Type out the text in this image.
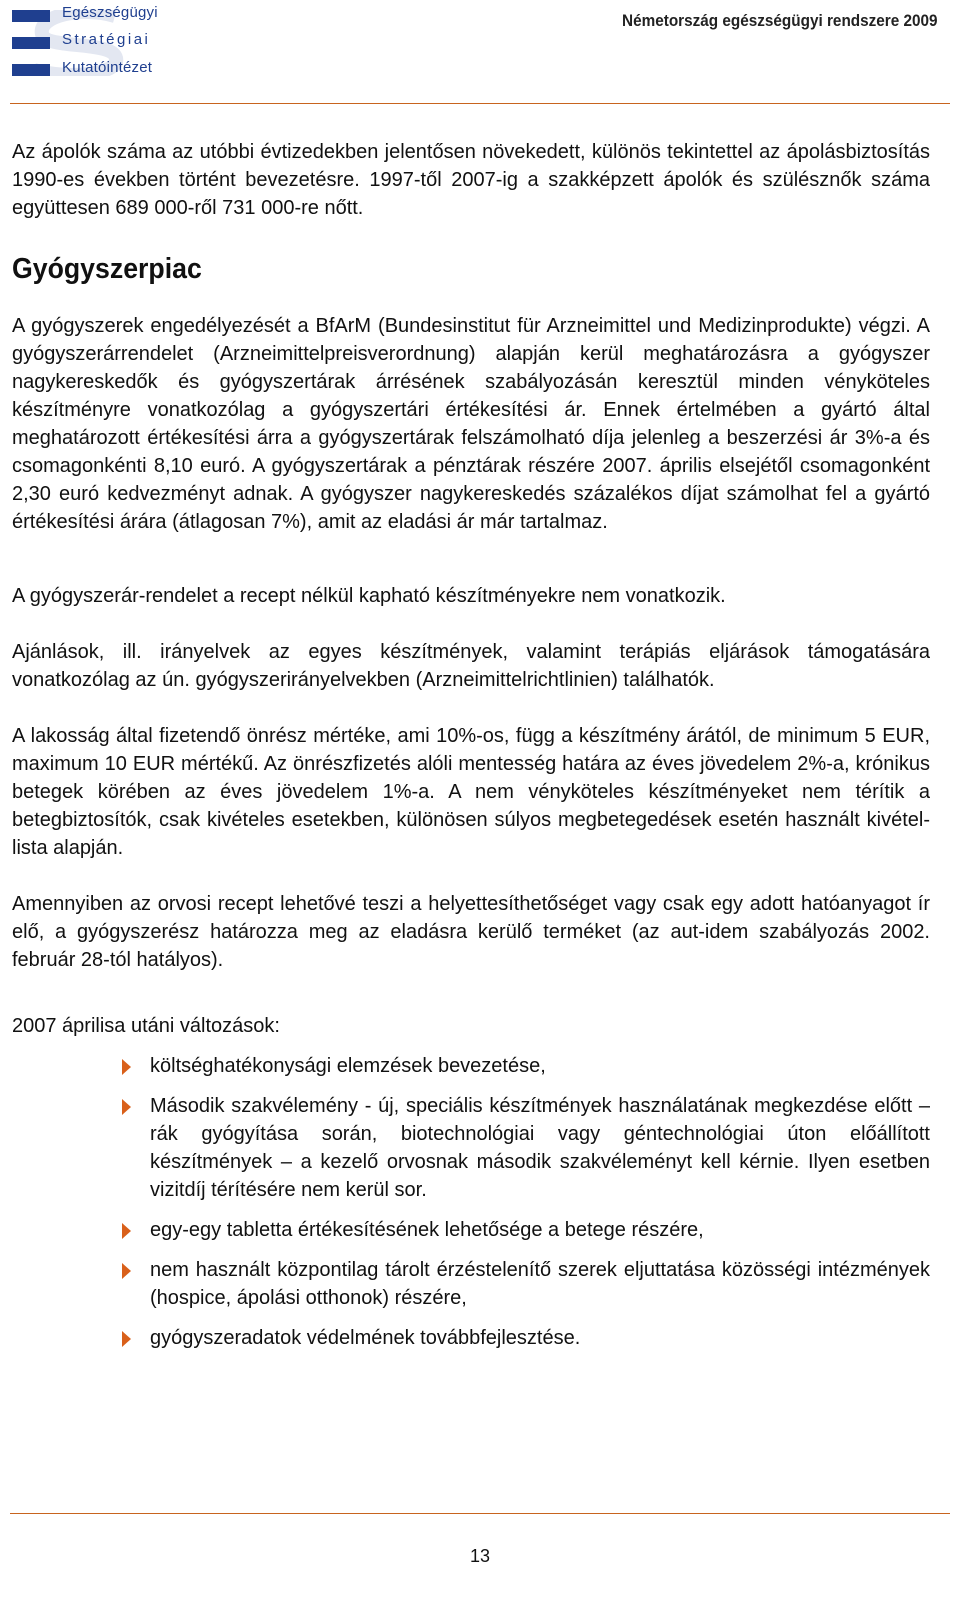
Egészségügyi
Stratégiai
Kutatóintézet
Németország egészségügyi rendszere 2009

Az ápolók száma az utóbbi évtizedekben jelentősen növekedett, különös tekintettel az ápolásbiztosítás 1990-es években történt bevezetésre. 1997-től 2007-ig a szakképzett ápolók és szülésznők száma együttesen 689 000-ről 731 000-re nőtt.

Gyógyszerpiac

A gyógyszerek engedélyezését a BfArM (Bundesinstitut für Arzneimittel und Medizinprodukte) végzi. A gyógyszerárrendelet (Arzneimittelpreisverordnung) alapján kerül meghatározásra a gyógyszer nagykereskedők és gyógyszertárak árrésének szabályozásán keresztül minden vényköteles készítményre vonatkozólag a gyógyszertári értékesítési ár. Ennek értelmében a gyártó által meghatározott értékesítési árra a gyógyszertárak felszámolható díja jelenleg a beszerzési ár 3%-a és csomagonkénti 8,10 euró. A gyógyszertárak a pénztárak részére 2007. április elsejétől csomagonként 2,30 euró kedvezményt adnak. A gyógyszer nagykereskedés százalékos díjat számolhat fel a gyártó értékesítési árára (átlagosan 7%), amit az eladási ár már tartalmaz.

A gyógyszerár-rendelet a recept nélkül kapható készítményekre nem vonatkozik.

Ajánlások, ill. irányelvek az egyes készítmények, valamint terápiás eljárások támogatására vonatkozólag az ún. gyógyszerirányelvekben (Arzneimittelrichtlinien) találhatók.

A lakosság által fizetendő önrész mértéke, ami 10%-os, függ a készítmény árától, de minimum 5 EUR, maximum 10 EUR mértékű. Az önrészfizetés alóli mentesség határa az éves jövedelem 2%-a, krónikus betegek körében az éves jövedelem 1%-a. A nem vényköteles készítményeket nem térítik a betegbiztosítók, csak kivételes esetekben, különösen súlyos megbetegedések esetén használt kivétel-lista alapján.

Amennyiben az orvosi recept lehetővé teszi a helyettesíthetőséget vagy csak egy adott hatóanyagot ír elő, a gyógyszerész határozza meg az eladásra kerülő terméket (az aut-idem szabályozás 2002. február 28-tól hatályos).

2007 áprilisa utáni változások:

költséghatékonysági elemzések bevezetése,
Második szakvélemény - új, speciális készítmények használatának megkezdése előtt – rák gyógyítása során, biotechnológiai vagy géntechnológiai úton előállított készítmények – a kezelő orvosnak második szakvéleményt kell kérnie. Ilyen esetben vizitdíj térítésére nem kerül sor.
egy-egy tabletta értékesítésének lehetősége a betege részére,
nem használt központilag tárolt érzéstelenítő szerek eljuttatása közösségi intézmények (hospice, ápolási otthonok) részére,
gyógyszeradatok védelmének továbbfejlesztése.
13
